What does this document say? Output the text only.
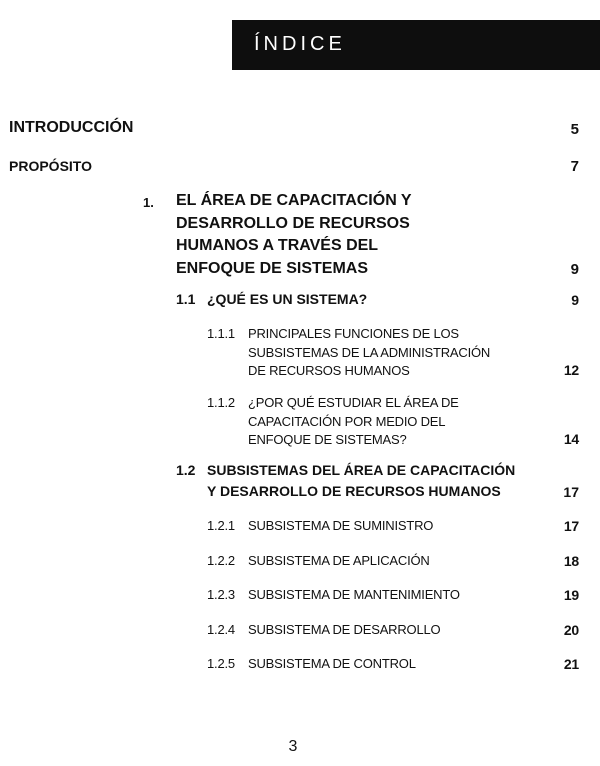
ÍNDICE
INTRODUCCIÓN	5
PROPÓSITO	7
1. EL ÁREA DE CAPACITACIÓN Y
DESARROLLO DE RECURSOS
HUMANOS A TRAVÉS DEL
ENFOQUE DE SISTEMAS	9
1.1 ¿QUÉ ES UN SISTEMA?	9
1.1.1 PRINCIPALES FUNCIONES DE LOS
SUBSISTEMAS DE LA ADMINISTRACIÓN
DE RECURSOS HUMANOS	12
1.1.2 ¿POR QUÉ ESTUDIAR EL ÁREA DE
CAPACITACIÓN POR MEDIO DEL
ENFOQUE DE SISTEMAS?	14
1.2 SUBSISTEMAS DEL ÁREA DE CAPACITACIÓN
Y DESARROLLO DE RECURSOS HUMANOS	17
1.2.1 SUBSISTEMA DE SUMINISTRO	17
1.2.2 SUBSISTEMA DE APLICACIÓN	18
1.2.3 SUBSISTEMA DE MANTENIMIENTO	19
1.2.4 SUBSISTEMA DE DESARROLLO	20
1.2.5 SUBSISTEMA DE CONTROL	21
3
